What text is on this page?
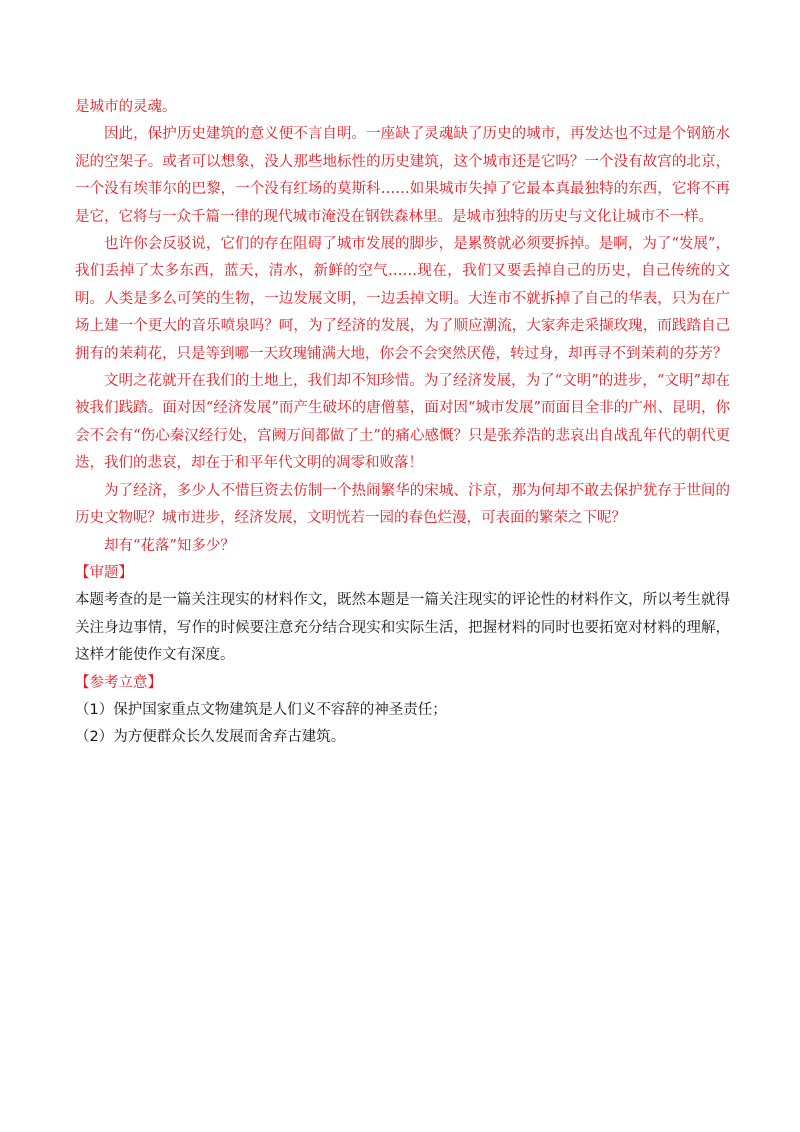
是城市的灵魂。

因此，保护历史建筑的意义便不言自明。一座缺了灵魂缺了历史的城市，再发达也不过是个钢筋水泥的空架子。或者可以想象，没人那些地标性的历史建筑，这个城市还是它吗？一个没有故宫的北京，一个没有埃菲尔的巴黎，一个没有红场的莫斯科……如果城市失掉了它最本真最独特的东西，它将不再是它，它将与一众千篇一律的现代城市淹没在钢铁森林里。是城市独特的历史与文化让城市不一样。

也许你会反驳说，它们的存在阻碍了城市发展的脚步，是累赘就必须要拆掉。是啊，为了“发展”，我们丢掉了太多东西，蓝天，清水，新鲜的空气……现在，我们又要丢掉自己的历史，自己传统的文明。人类是多么可笑的生物，一边发展文明，一边丢掉文明。大连市不就拆掉了自己的华表，只为在广场上建一个更大的音乐喷泉吗？呵，为了经济的发展，为了顺应潮流，大家奔走采撷玫瑰，而践踏自己拥有的茉莉花，只是等到哪一天玫瑰铺满大地，你会不会突然厌倦，转过身，却再寻不到茉莉的芬芳？

文明之花就开在我们的土地上，我们却不知珍惜。为了经济发展，为了“文明”的进步，“文明”却在被我们践踏。面对因“经济发展”而产生破坏的唐僧墓，面对因“城市发展”而面目全非的广州、昆明，你会不会有“伤心秦汉经行处，宫阙万间都做了土”的痛心感慨？只是张养浩的悲哀出自战乱年代的朝代更迭，我们的悲哀，却在于和平年代文明的凋零和败落！

为了经济，多少人不惜巨资去仿制一个热闹繁华的宋城、汴京，那为何却不敢去保护犹存于世间的历史文物呢？城市进步，经济发展，文明恍若一园的春色烂漫，可表面的繁荣之下呢？

却有“花落”知多少？

【审题】

本题考查的是一篇关注现实的材料作文，既然本题是一篇关注现实的评论性的材料作文，所以考生就得关注身边事情，写作的时候要注意充分结合现实和实际生活，把握材料的同时也要拓宽对材料的理解，这样才能使作文有深度。

【参考立意】

（1）保护国家重点文物建筑是人们义不容辞的神圣责任；

（2）为方便群众长久发展而舍弃古建筑。
